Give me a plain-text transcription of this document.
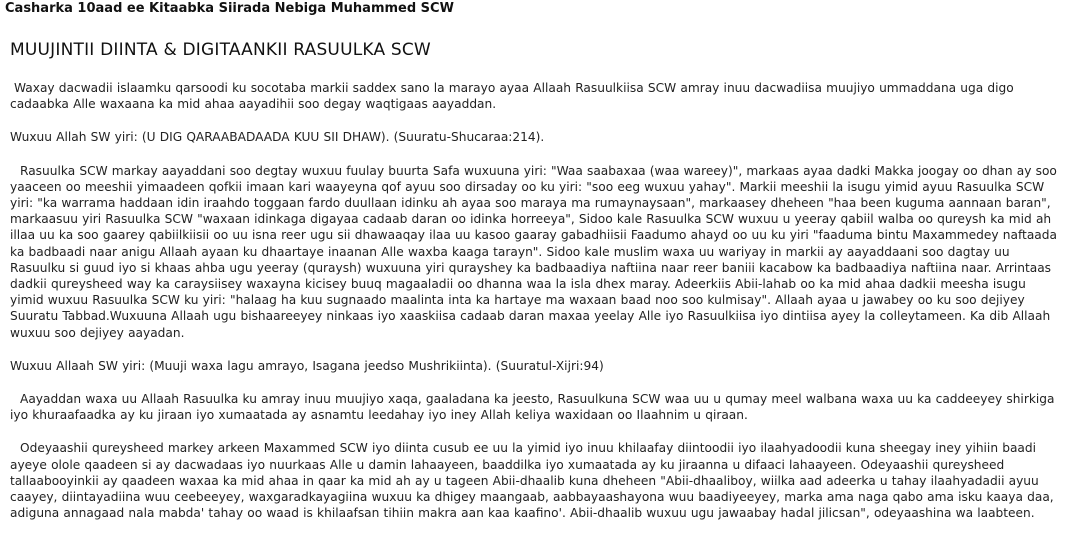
Casharka 10aad ee Kitaabka Siirada Nebiga Muhammed SCW
MUUJINTII DIINTA & DIGITAANKII RASUULKA SCW

Waxay dacwadii islaamku qarsoodi ku socotaba markii saddex sano la marayo ayaa Allaah Rasuulkiisa SCW amray inuu dacwadiisa muujiyo ummaddana uga digo cadaabka Alle waxaana ka mid ahaa aayadihii soo degay waqtigaas aayaddan.

Wuxuu Allah SW yiri: (U DIG QARAABADAADA KUU SII DHAW). (Suuratu-Shucaraa:214).

Rasuulka SCW markay aayaddani soo degtay wuxuu fuulay buurta Safa wuxuuna yiri: "Waa saabaxaa (waa wareey)", markaas ayaa dadki Makka joogay oo dhan ay soo yaaceen oo meeshii yimaadeen qofkii imaan kari waayeyna qof ayuu soo dirsaday oo ku yiri: "soo eeg wuxuu yahay". Markii meeshii la isugu yimid ayuu Rasuulka SCW yiri: "ka warrama haddaan idin iraahdo toggaan fardo duullaan idinku ah ayaa soo maraya ma rumaynaysaan", markaasey dheheen "haa been kuguma aannaan baran", markaasuu yiri Rasuulka SCW "waxaan idinkaga digayaa cadaab daran oo idinka horreeya", Sidoo kale Rasuulka SCW wuxuu u yeeray qabiil walba oo qureysh ka mid ah illaa uu ka soo gaarey qabiilkiisii oo uu isna reer ugu sii dhawaaqay ilaa uu kasoo gaaray gabadhiisii Faadumo ahayd oo uu ku yiri "faaduma bintu Maxammedey naftaada ka badbaadi naar anigu Allaah ayaan ku dhaartaye inaanan Alle waxba kaaga tarayn". Sidoo kale muslim waxa uu wariyay in markii ay aayaddaani soo dagtay uu Rasuulku si guud iyo si khaas ahba ugu yeeray (quraysh) wuxuuna yiri qurayshey ka badbaadiya naftiina naar reer baniii kacabow ka badbaadiya naftiina naar. Arrintaas dadkii qureysheed way ka caraysiisey waxayna kicisey buuq magaaladii oo dhanna waa la isla dhex maray. Adeerkiis Abii-lahab oo ka mid ahaa dadkii meesha isugu yimid wuxuu Rasuulka SCW ku yiri: "halaag ha kuu sugnaado maalinta inta ka hartaye ma waxaan baad noo soo kulmisay". Allaah ayaa u jawabey oo ku soo dejiyey Suuratu Tabbad.Wuxuuna Allaah ugu bishaareeyey ninkaas iyo xaaskiisa cadaab daran maxaa yeelay Alle iyo Rasuulkiisa iyo dintiisa ayey la colleytameen. Ka dib Allaah wuxuu soo dejiyey aayadan.

Wuxuu Allaah SW yiri: (Muuji waxa lagu amrayo, Isagana jeedso Mushrikiinta). (Suuratul-Xijri:94)

Aayaddan waxa uu Allaah Rasuulka ku amray inuu muujiyo xaqa, gaaladana ka jeesto, Rasuulkuna SCW waa uu u qumay meel walbana waxa uu ka caddeeyey shirkiga iyo khuraafaadka ay ku jiraan iyo xumaatada ay asnamtu leedahay iyo iney Allah keliya waxidaan oo Ilaahnim u qiraan.

Odeyaashii qureysheed markey arkeen Maxammed SCW iyo diinta cusub ee uu la yimid iyo inuu khilaafay diintoodii iyo ilaahyadoodii kuna sheegay iney yihiin baadi ayeye olole qaadeen si ay dacwadaas iyo nuurkaas Alle u damin lahaayeen, baaddilka iyo xumaatada ay ku jiraanna u difaaci lahaayeen. Odeyaashii qureysheed tallaabooyinkii ay qaadeen waxaa ka mid ahaa in qaar ka mid ah ay u tageen Abii-dhaalib kuna dheheen "Abii-dhaaliboy, wiilka aad adeerka u tahay ilaahyadadii ayuu caayey, diintayadiina wuu ceebeeyey, waxgaradkayagiina wuxuu ka dhigey maangaab, aabbayaashayona wuu baadiyeeyey, marka ama naga qabo ama isku kaaya daa, adiguna annagaad nala mabda' tahay oo waad is khilaafsan tihiin makra aan kaa kaafino'. Abii-dhaalib wuxuu ugu jawaabay hadal jilicsan", odeyaashina wa laabteen.
